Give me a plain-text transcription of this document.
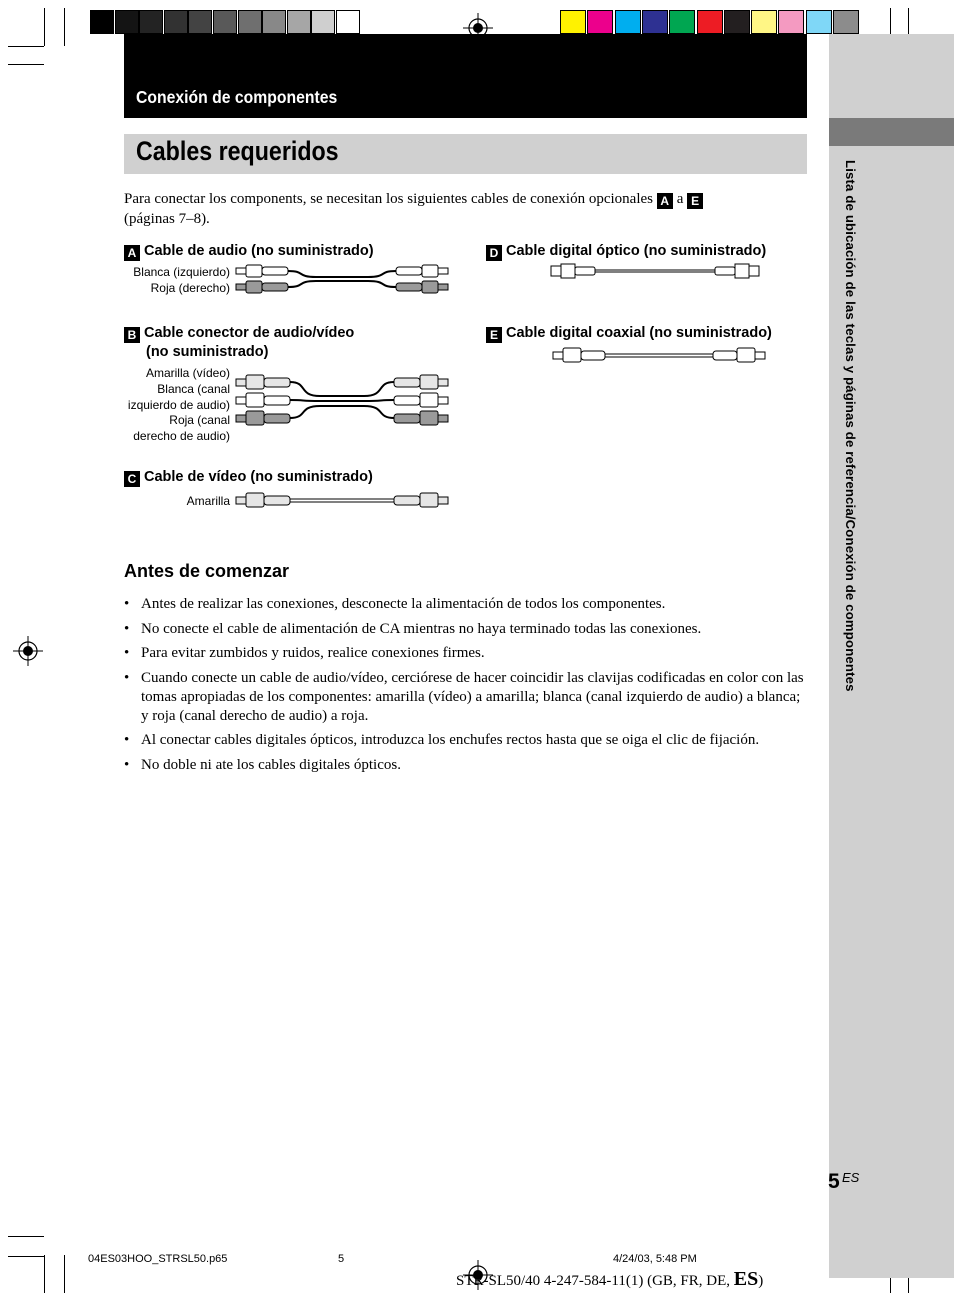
Lista de ubicación de las teclas y páginas de referencia/Conexión de componentes
Conexión de componentes
Cables requeridos
Para conectar los components, se necesitan los siguientes cables de conexión opcionales A a E
(páginas 7–8).
A Cable de audio (no suministrado)
Blanca (izquierdo)
Roja (derecho)
B Cable conector de audio/vídeo
(no suministrado)
Amarilla (vídeo)
Blanca (canal
izquierdo de audio)
Roja (canal
derecho de audio)
C Cable de vídeo (no suministrado)
Amarilla
D Cable digital óptico (no suministrado)
E Cable digital coaxial (no suministrado)
Antes de comenzar
• Antes de realizar las conexiones, desconecte la alimentación de todos los componentes.
• No conecte el cable de alimentación de CA mientras no haya terminado todas las conexiones.
• Para evitar zumbidos y ruidos, realice conexiones firmes.
• Cuando conecte un cable de audio/vídeo, cerciórese de hacer coincidir las clavijas codificadas en color con las tomas apropiadas de los componentes: amarilla (vídeo) a amarilla; blanca (canal izquierdo de audio) a blanca; y roja (canal derecho de audio) a roja.
• Al conectar cables digitales ópticos, introduzca los enchufes rectos hasta que se oiga el clic de fijación.
• No doble ni ate los cables digitales ópticos.
5 ES
04ES03HOO_STRSL50.p65	5	4/24/03, 5:48 PM
STR-SL50/40 4-247-584-11(1) (GB, FR, DE, ES)
